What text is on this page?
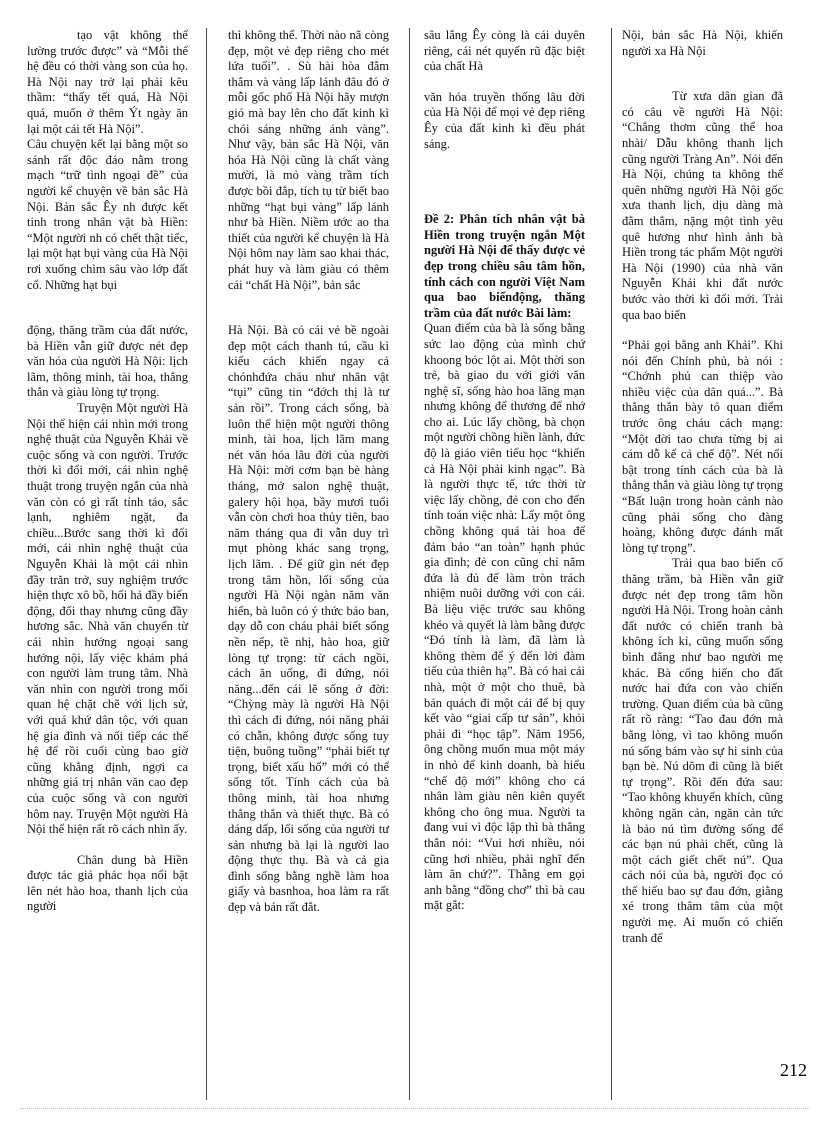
tạo vật không thể lường trước được” và “Mỗi thế hệ đều có thời vàng son của họ. Hà Nội nay trở lại phải kêu thầm: “thấy tết quá, Hà Nội quá, muốn ở thêm Ýt ngày ăn lại một cái tết Hà Nội”.

Câu chuyện kết lại bằng một so sánh rất độc đáo nằm trong mạch “trữ tình ngoại đề” của người kể chuyện về bản sắc Hà Nội. Bản sắc Êy nh được kết tinh trong nhân vật bà Hiền: “Một người nh có chết thật tiếc, lại một hạt bụi vàng của Hà Nội rơi xuống chìm sâu vào lớp đất cổ. Những hạt bụi

động, thăng trầm của đất nước, bà Hiền vẫn giữ được nét đẹp văn hóa của người Hà Nội: lịch lãm, thông minh, tài hoa, thẳng thắn và giàu lòng tự trọng.

Truyện Một người Hà Nội thể hiện cái nhìn mới trong nghệ thuật của Nguyễn Khải về cuộc sống và con người. Trước thời kì đổi mới, cái nhìn nghệ thuật trong truyện ngắn của nhà văn còn có gì rất tỉnh táo, sắc lạnh, nghiêm ngặt, đa chiều...Bước sang thời kì đổi mới, cái nhìn nghệ thuật của Nguyễn Khải là một cái nhìn đầy trăn trở, suy nghiệm trước hiện thực xô bồ, hối hả đầy biến động, đổi thay nhưng cũng đầy hương sắc. Nhà văn chuyển từ cái nhìn hướng ngoại sang hướng nội, lấy việc khám phá con người làm trung tâm. Nhà văn nhìn con người trong mối quan hệ chặt chẽ với lịch sử, với quá khứ dân tộc, với quan hệ gia đình và nối tiếp các thế hệ để rồi cuối cùng bao giờ cũng khẳng định, ngợi ca những giá trị nhân văn cao đẹp của cuộc sống và con người hôm nay. Truyện Một người Hà Nội thể hiện rất rõ cách nhìn ấy.

Chân dung bà Hiền được tác giả phác họa nổi bật lên nét hào hoa, thanh lịch của người

thì không thể. Thời nào nã còng đẹp, một vẻ đẹp riêng cho mét lứa tuổi”. . Sù hài hòa đằm thắm và vàng lấp lánh đâu đó ở mỗi gốc phố Hà Nội hãy mượn gió mà bay lên cho đất kinh kì chói sáng những ánh vàng”. Như vậy, bản sắc Hà Nội, văn hóa Hà Nội cũng là chất vàng mười, là mỏ vàng trầm tích được bồi đắp, tích tụ từ biết bao những “hạt bụi vàng” lấp lánh như bà Hiền. Niềm ước ao tha thiết của người kể chuyện là Hà Nội hôm nay làm sao khai thác, phát huy và làm giàu có thêm cái “chất Hà Nội”, bản sắc

Hà Nội. Bà có cái vẻ bề ngoài đẹp một cách thanh tú, cầu kì kiểu cách khiến ngay cả chónhđứa cháu như nhân vật “tụi” cũng tin “đớch thị là tư sản rồi”. Trong cách sống, bà luôn thể hiện một người thông minh, tài hoa, lịch lãm mang nét văn hóa lâu đời của người Hà Nội: mời cơm bạn bè hàng tháng, mở salon nghệ thuật, galery hội họa, bầy mươi tuổi vẫn còn chơi hoa thủy tiên, bao năm tháng qua đi vẫn duy trì mụt phòng khác sang trọng, lịch lãm. . Để giữ gìn nét đẹp trong tâm hồn, lối sống của người Hà Nội ngàn năm văn hiến, bà luôn có ý thức bảo ban, dạy dỗ con cháu phải biết sống nền nếp, tề nhị, hào hoa, giữ lòng tự trọng: từ cách ngồi, cách ăn uống, đi đứng, nói năng...đến cái lẽ sống ở đời: “Chỳng mày là người Hà Nội thì cách đi đứng, nói năng phải có chẵn, không được sống tuy tiện, buông tuồng” “phải biết tự trọng, biết xấu hổ” mới có thể sống tốt. Tính cách của bà thông minh, tài hoa nhưng thẳng thắn và thiết thực. Bà có dáng dấp, lối sống của người tư sản nhưng bà lại là người lao động thực thụ. Bà và cả gia đình sống bằng nghề làm hoa giấy và basnhoa, hoa làm ra rất đẹp và bán rất đắt.

sâu lắng Êy còng là cái duyên riêng, cái nét quyến rũ đặc biệt của chất Hà

văn hóa truyền thống lâu đời của Hà Nội để mọi vẻ đẹp riêng Êy của đất kinh kì đều phát sáng.

Đề 2: Phân tích nhân vật bà Hiền trong truyện ngắn Một người Hà Nội để thấy được vẻ đẹp trong chiều sâu tâm hồn, tính cách con người Việt Nam qua bao biếnđộng, thăng trầm của đất nước Bài làm:

Quan điểm của bà là sống bằng sức lao động của mình chứ khoong bóc lột ai. Một thời son trẻ, bà giao du với giới văn nghệ sĩ, sống hào hoa lãng mạn nhưng không để thương để nhớ cho ai. Lúc lấy chồng, bà chọn một người chồng hiền lành, đức độ là giáo viên tiểu học “khiến cả Hà Nội phải kinh ngạc”. Bà là người thực tế, tức thời từ việc lấy chồng, đẻ con cho đến tính toán việc nhà: Lấy một ông chồng không quá tài hoa để đảm bảo “an toàn” hạnh phúc gia đình; đẻ con cũng chỉ năm đứa là đủ để làm tròn trách nhiệm nuôi dưỡng với con cái. Bà liệu việc trước sau không khéo và quyết là làm bằng được “Đó tính là làm, đã làm là không thèm để ý đến lời đàm tiếu của thiên hạ”. Bà có hai cái nhà, một ở một cho thuê, bà bán quách đi một cái để bị quy kết vào “giai cấp tư sản”, khỏi phải đi “học tập”. Năm 1956, ông chồng muốn mua một máy in nhỏ để kinh doanh, bà hiểu “chế độ mới” không cho cá nhân làm giàu nên kiên quyết không cho ông mua. Người ta đang vui vì độc lập thì bà thẳng thắn nói: “Vui hơi nhiều, nói cũng hơi nhiều, phải nghĩ đến làm ăn chứ?”. Thằng em gọi anh bằng “đồng chơ” thì bà cau mặt gắt:

Nội, bản sắc Hà Nội, khiến người xa Hà Nội

Từ xưa dân gian đã có câu về người Hà Nội: “Chẳng thơm cũng thể hoa nhài/ Dẫu không thanh lịch cũng người Tràng An”. Nói đến Hà Nội, chúng ta không thể quên những người Hà Nội gốc xưa thanh lịch, dịu dàng mà đằm thắm, nặng một tình yêu quê hương như hình ảnh bà Hiền trong tác phẩm Một người Hà Nội (1990) của nhà văn Nguyễn Khải khi đất nước bước vào thời kì đổi mới. Trải qua bao biến

“Phải gọi bằng anh Khải”. Khi nói đến Chính phủ, bà nói : “Chớnh phủ can thiệp vào nhiều việc của dân quá...”. Bà thẳng thắn bày tỏ quan điểm trước ông cháu cách mạng: “Một đời tao chưa từng bị ai cám dỗ kể cả chế độ”. Nét nổi bật trong tính cách của bà là thẳng thắn và giàu lòng tự trọng “Bất luận trong hoàn cảnh nào cũng phải sống cho đàng hoàng, không được đánh mất lòng tự trọng”.

Trải qua bao biến cố thăng trầm, bà Hiền vẫn giữ được nét đẹp trong tâm hồn người Hà Nội. Trong hoàn cảnh đất nước có chiến tranh bà không ích kỉ, cũng muốn sống bình đẳng như bao người mẹ khác. Bà cống hiến cho đất nước hai đứa con vào chiến trường. Quan điểm của bà cũng rất rõ ràng: “Tao đau đớn mà bằng lòng, vì tao không muốn nú sống bám vào sự hi sinh của bạn bè. Nú dõm đi cũng là biết tự trọng”. Rồi đến đứa sau: “Tao không khuyến khích, cũng không ngăn cản, ngăn cản tức là bảo nú tìm đường sống để các bạn nú phải chết, cũng là một cách giết chết nú”. Qua cách nói của bà, người đọc có thể hiểu bao sự đau đớn, giằng xé trong thâm tâm của một người mẹ. Ai muốn có chiến tranh để

212
